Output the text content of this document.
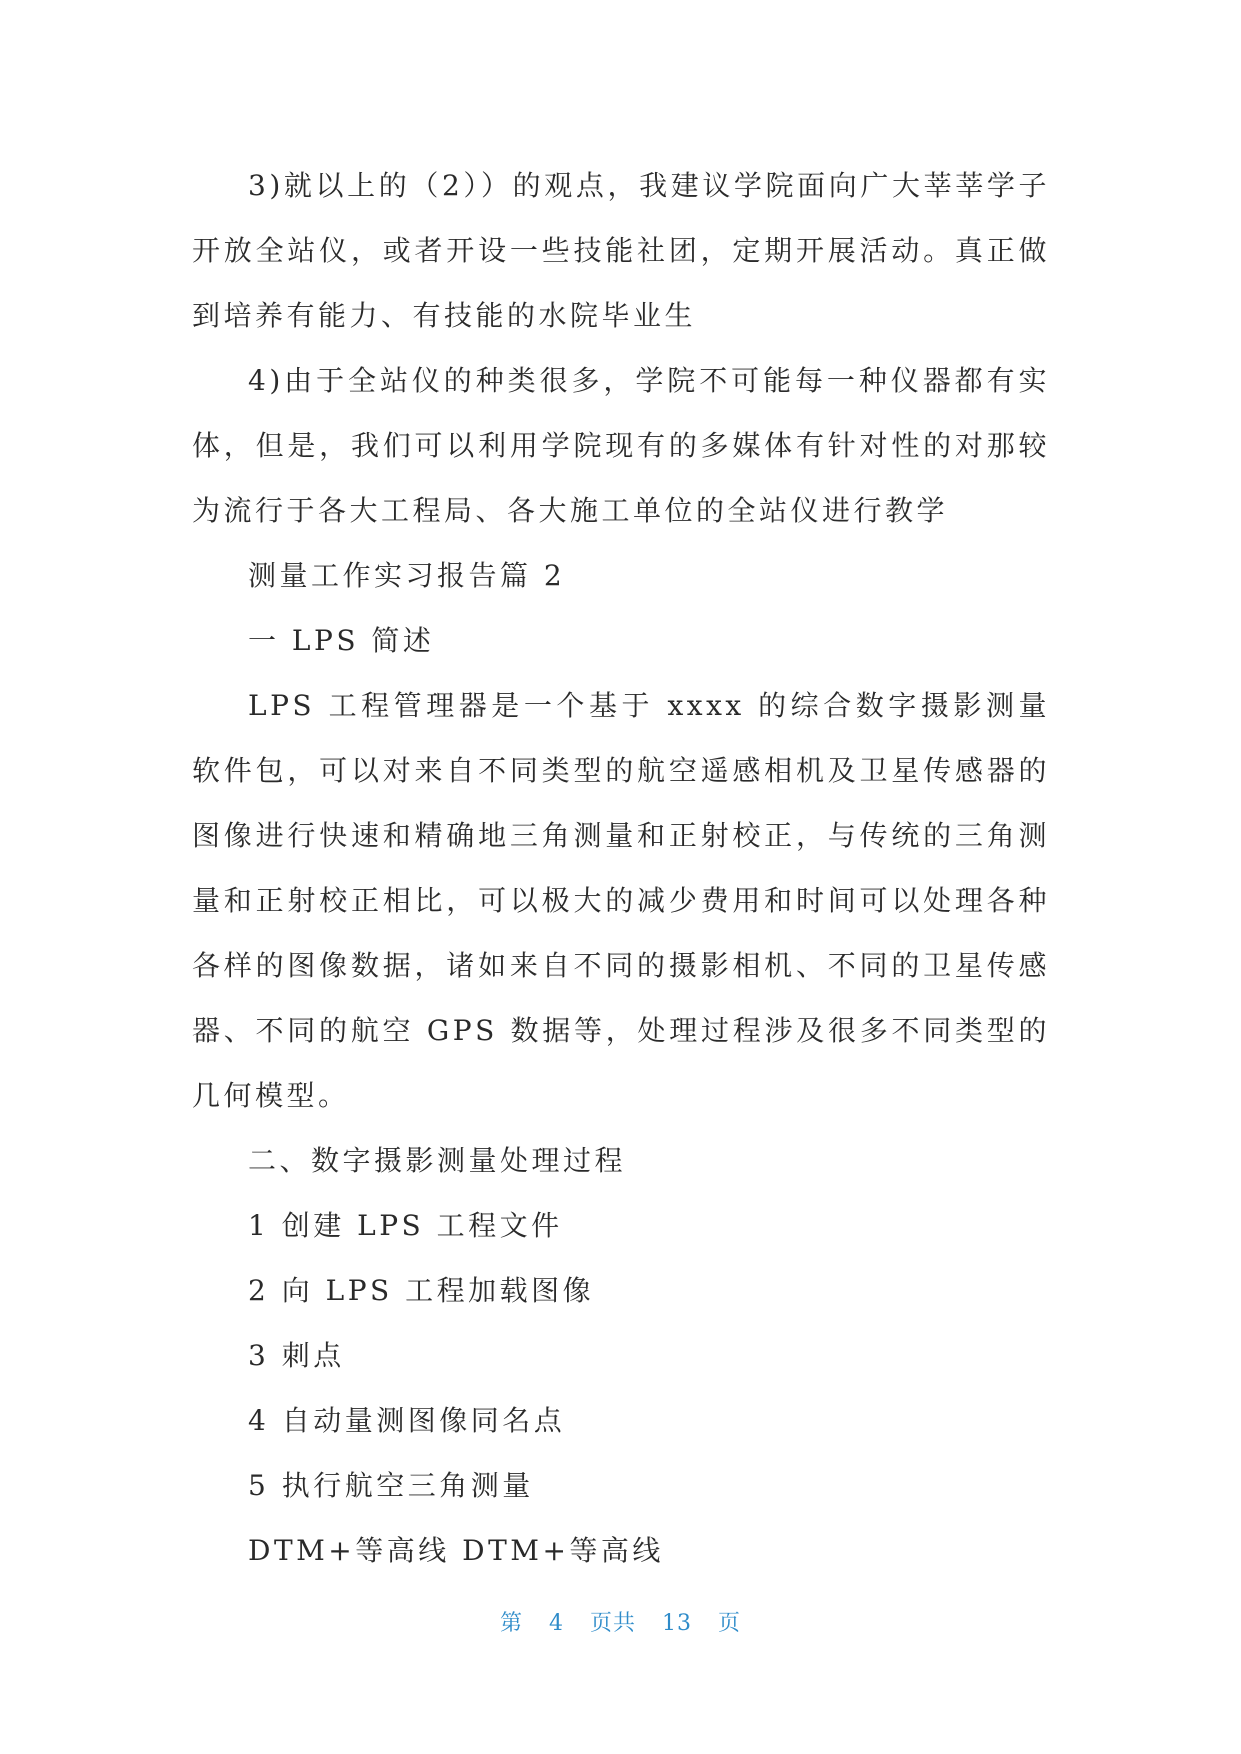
3)就以上的（2））的观点，我建议学院面向广大莘莘学子开放全站仪，或者开设一些技能社团，定期开展活动。真正做到培养有能力、有技能的水院毕业生

4)由于全站仪的种类很多，学院不可能每一种仪器都有实体，但是，我们可以利用学院现有的多媒体有针对性的对那较为流行于各大工程局、各大施工单位的全站仪进行教学

测量工作实习报告篇 2

一 LPS 简述

LPS 工程管理器是一个基于 xxxx 的综合数字摄影测量软件包，可以对来自不同类型的航空遥感相机及卫星传感器的图像进行快速和精确地三角测量和正射校正，与传统的三角测量和正射校正相比，可以极大的减少费用和时间可以处理各种各样的图像数据，诸如来自不同的摄影相机、不同的卫星传感器、不同的航空 GPS 数据等，处理过程涉及很多不同类型的几何模型。

二、数字摄影测量处理过程

1 创建 LPS 工程文件

2 向 LPS 工程加载图像

3 刺点

4 自动量测图像同名点

5 执行航空三角测量

DTM+等高线 DTM+等高线

第 4 页共 13 页
